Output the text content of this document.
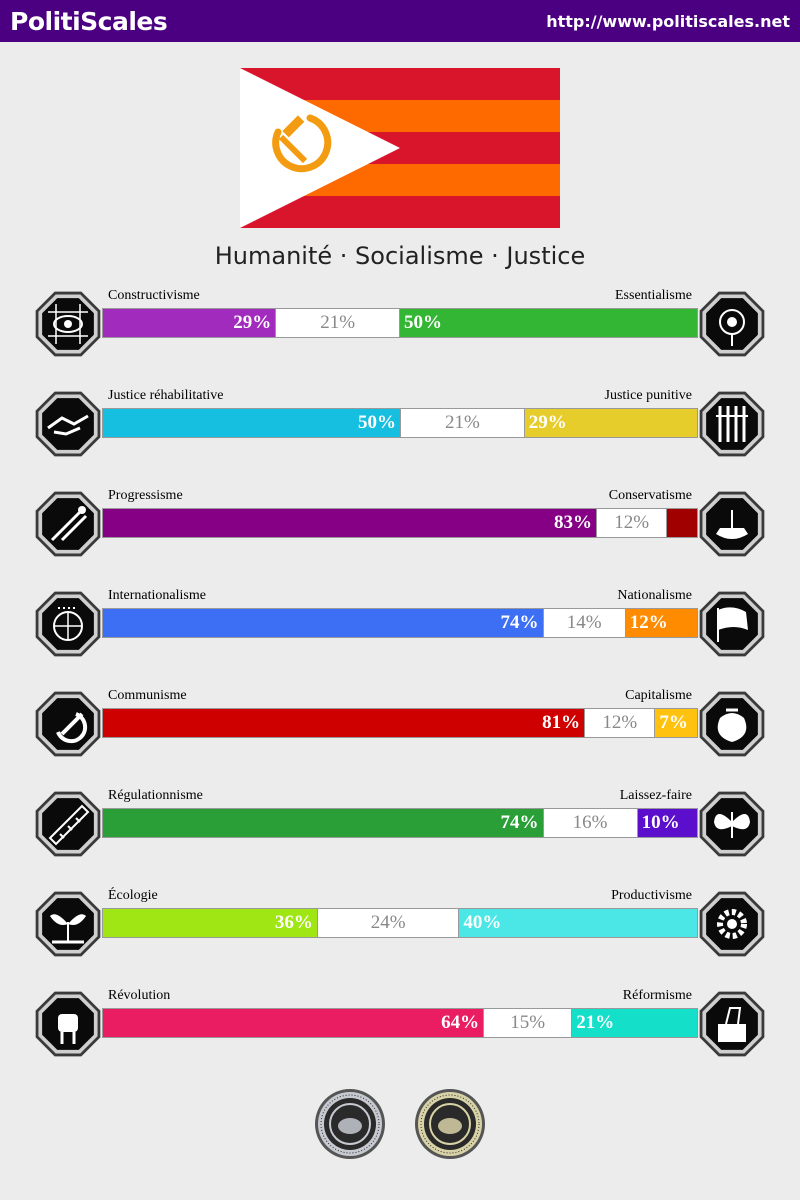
PolitiScales	http://www.politiscales.net
Humanité · Socialisme · Justice
Constructivisme	Essentialisme
29%	21%	50%
Justice réhabilitative	Justice punitive
50%	21%	29%
Progressisme	Conservatisme
83%	12%
Internationalisme	Nationalisme
74%	14%	12%
Communisme	Capitalisme
81%	12%	7%
Régulationnisme	Laissez-faire
74%	16%	10%
Écologie	Productivisme
36%	24%	40%
Révolution	Réformisme
64%	15%	21%
